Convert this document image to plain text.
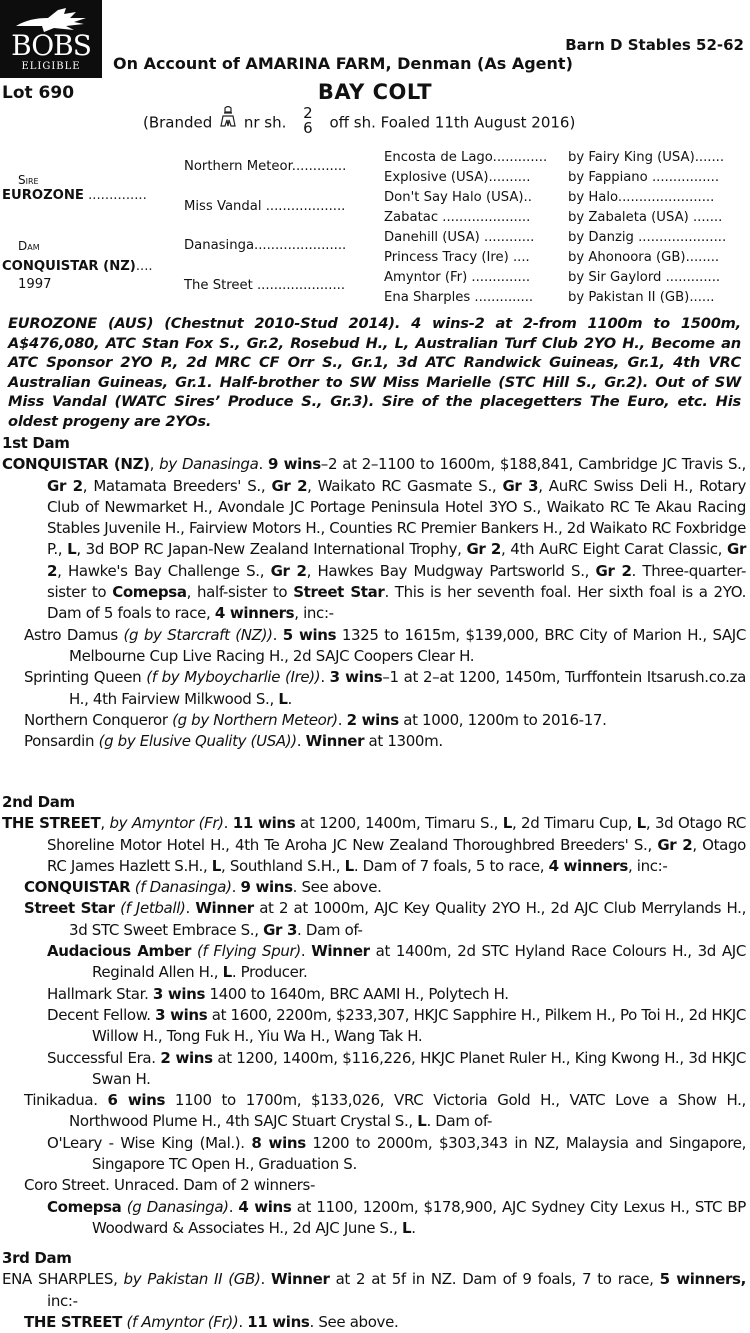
BOBS
ELIGIBLE
Barn D Stables 52-62
On Account of AMARINA FARM, Denman (As Agent)
Lot 690	BAY COLT
(Branded nr sh. 2
6 off sh. Foaled 11th August 2016)
Sire
EUROZONE ..............
Dam
CONQUISTAR (NZ)....
1997
Northern Meteor.............
Miss Vandal ...................
Danasinga......................
The Street .....................
Encosta de Lago.............
Explosive (USA)..........
Don't Say Halo (USA)..
Zabatac .....................
Danehill (USA) ............
Princess Tracy (Ire) ....
Amyntor (Fr) ..............
Ena Sharples ..............
by Fairy King (USA).......
by Fappiano ................
by Halo.......................
by Zabaleta (USA) .......
by Danzig .....................
by Ahonoora (GB)........
by Sir Gaylord .............
by Pakistan II (GB)......
EUROZONE (AUS) (Chestnut 2010-Stud 2014). 4 wins-2 at 2-from 1100m to 1500m, A$476,080, ATC Stan Fox S., Gr.2, Rosebud H., L, Australian Turf Club 2YO H., Become an ATC Sponsor 2YO P., 2d MRC CF Orr S., Gr.1, 3d ATC Randwick Guineas, Gr.1, 4th VRC Australian Guineas, Gr.1. Half-brother to SW Miss Marielle (STC Hill S., Gr.2). Out of SW Miss Vandal (WATC Sires’ Produce S., Gr.3). Sire of the placegetters The Euro, etc. His oldest progeny are 2YOs.
1st Dam

CONQUISTAR (NZ), by Danasinga. 9 wins–2 at 2–1100 to 1600m, $188,841, Cambridge JC Travis S., Gr 2, Matamata Breeders' S., Gr 2, Waikato RC Gasmate S., Gr 3, AuRC Swiss Deli H., Rotary Club of Newmarket H., Avondale JC Portage Peninsula Hotel 3YO S., Waikato RC Te Akau Racing Stables Juvenile H., Fairview Motors H., Counties RC Premier Bankers H., 2d Waikato RC Foxbridge P., L, 3d BOP RC Japan-New Zealand International Trophy, Gr 2, 4th AuRC Eight Carat Classic, Gr 2, Hawke's Bay Challenge S., Gr 2, Hawkes Bay Mudgway Partsworld S., Gr 2. Three-quarter-sister to Comepsa, half-sister to Street Star. This is her seventh foal. Her sixth foal is a 2YO. Dam of 5 foals to race, 4 winners, inc:-

Astro Damus (g by Starcraft (NZ)). 5 wins 1325 to 1615m, $139,000, BRC City of Marion H., SAJC Melbourne Cup Live Racing H., 2d SAJC Coopers Clear H.

Sprinting Queen (f by Myboycharlie (Ire)). 3 wins–1 at 2–at 1200, 1450m, Turffontein Itsarush.co.za H., 4th Fairview Milkwood S., L.

Northern Conqueror (g by Northern Meteor). 2 wins at 1000, 1200m to 2016-17.

Ponsardin (g by Elusive Quality (USA)). Winner at 1300m.

2nd Dam

THE STREET, by Amyntor (Fr). 11 wins at 1200, 1400m, Timaru S., L, 2d Timaru Cup, L, 3d Otago RC Shoreline Motor Hotel H., 4th Te Aroha JC New Zealand Thoroughbred Breeders' S., Gr 2, Otago RC James Hazlett S.H., L, Southland S.H., L. Dam of 7 foals, 5 to race, 4 winners, inc:-

CONQUISTAR (f Danasinga). 9 wins. See above.

Street Star (f Jetball). Winner at 2 at 1000m, AJC Key Quality 2YO H., 2d AJC Club Merrylands H., 3d STC Sweet Embrace S., Gr 3. Dam of-

Audacious Amber (f Flying Spur). Winner at 1400m, 2d STC Hyland Race Colours H., 3d AJC Reginald Allen H., L. Producer.

Hallmark Star. 3 wins 1400 to 1640m, BRC AAMI H., Polytech H.

Decent Fellow. 3 wins at 1600, 2200m, $233,307, HKJC Sapphire H., Pilkem H., Po Toi H., 2d HKJC Willow H., Tong Fuk H., Yiu Wa H., Wang Tak H.

Successful Era. 2 wins at 1200, 1400m, $116,226, HKJC Planet Ruler H., King Kwong H., 3d HKJC Swan H.

Tinikadua. 6 wins 1100 to 1700m, $133,026, VRC Victoria Gold H., VATC Love a Show H., Northwood Plume H., 4th SAJC Stuart Crystal S., L. Dam of-

O'Leary - Wise King (Mal.). 8 wins 1200 to 2000m, $303,343 in NZ, Malaysia and Singapore, Singapore TC Open H., Graduation S.

Coro Street. Unraced. Dam of 2 winners-

Comepsa (g Danasinga). 4 wins at 1100, 1200m, $178,900, AJC Sydney City Lexus H., STC BP Woodward & Associates H., 2d AJC June S., L.

3rd Dam

ENA SHARPLES, by Pakistan II (GB). Winner at 2 at 5f in NZ. Dam of 9 foals, 7 to race, 5 winners, inc:-

THE STREET (f Amyntor (Fr)). 11 wins. See above.
